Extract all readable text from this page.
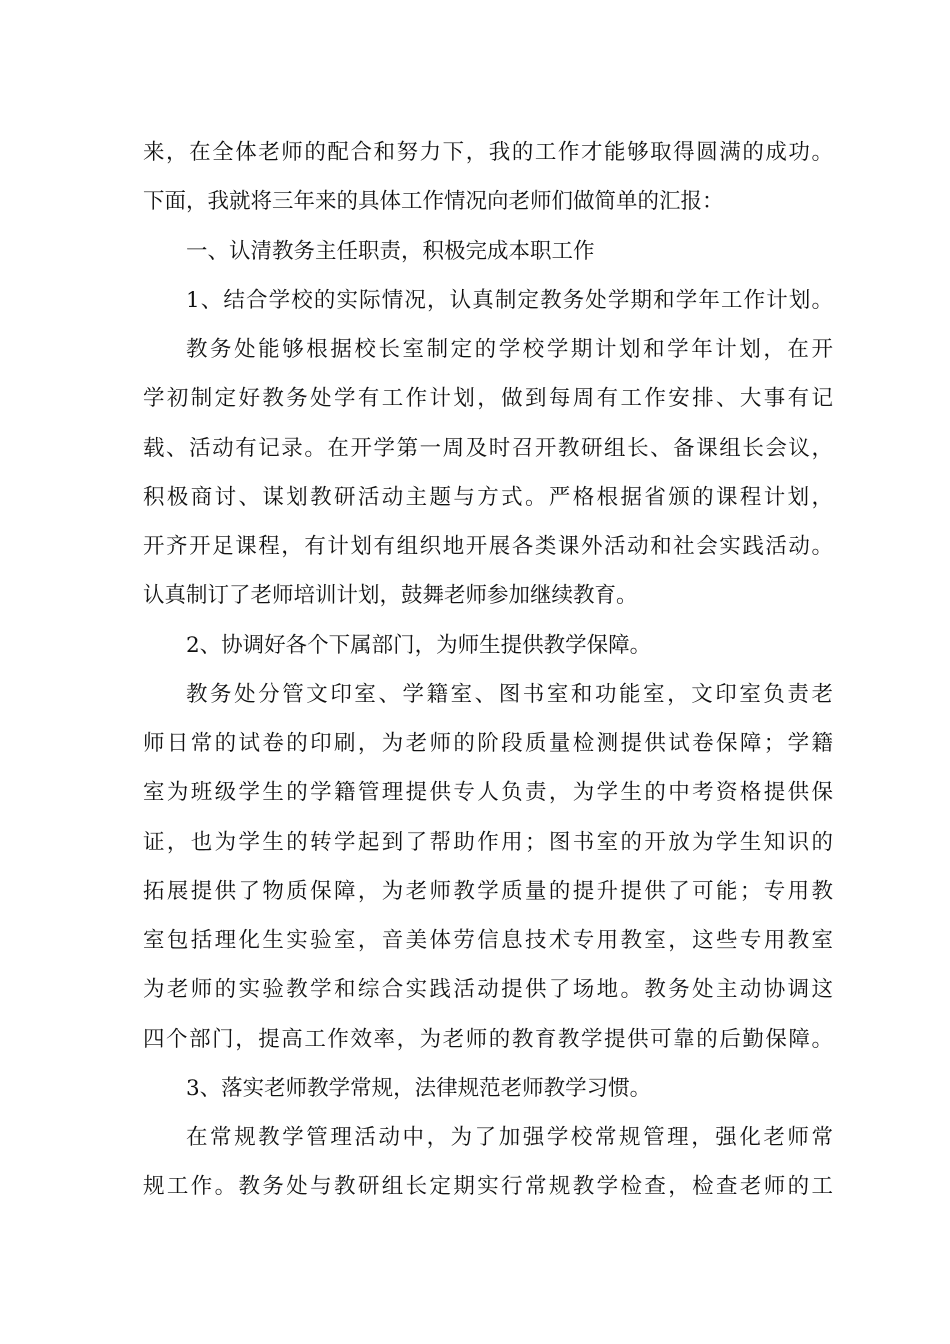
来，在全体老师的配合和努力下，我的工作才能够取得圆满的成功。
下面，我就将三年来的具体工作情况向老师们做简单的汇报：
一、认清教务主任职责，积极完成本职工作
1、结合学校的实际情况，认真制定教务处学期和学年工作计划。
教务处能够根据校长室制定的学校学期计划和学年计划，在开
学初制定好教务处学有工作计划，做到每周有工作安排、大事有记
载、活动有记录。在开学第一周及时召开教研组长、备课组长会议，
积极商讨、谋划教研活动主题与方式。严格根据省颁的课程计划，
开齐开足课程，有计划有组织地开展各类课外活动和社会实践活动。
认真制订了老师培训计划，鼓舞老师参加继续教育。
2、协调好各个下属部门，为师生提供教学保障。
教务处分管文印室、学籍室、图书室和功能室，文印室负责老
师日常的试卷的印刷，为老师的阶段质量检测提供试卷保障；学籍
室为班级学生的学籍管理提供专人负责，为学生的中考资格提供保
证，也为学生的转学起到了帮助作用；图书室的开放为学生知识的
拓展提供了物质保障，为老师教学质量的提升提供了可能；专用教
室包括理化生实验室，音美体劳信息技术专用教室，这些专用教室
为老师的实验教学和综合实践活动提供了场地。教务处主动协调这
四个部门，提高工作效率，为老师的教育教学提供可靠的后勤保障。
3、落实老师教学常规，法律规范老师教学习惯。
在常规教学管理活动中，为了加强学校常规管理，强化老师常
规工作。教务处与教研组长定期实行常规教学检查，检查老师的工
